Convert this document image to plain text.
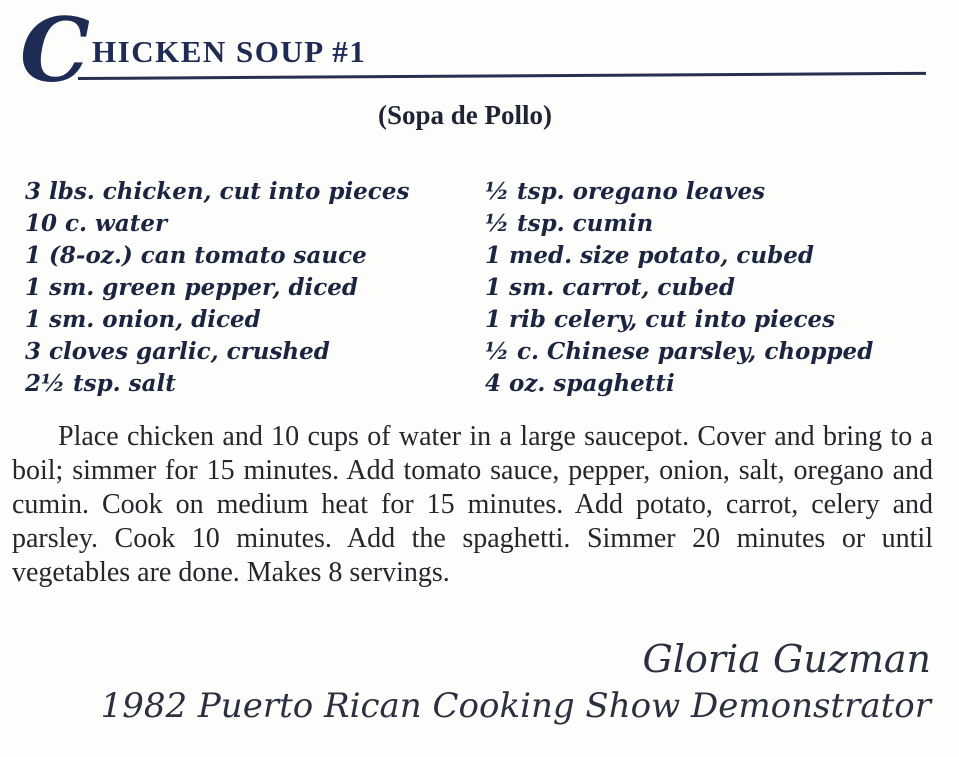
C HICKEN SOUP #1
(Sopa de Pollo)
3 lbs. chicken, cut into pieces
10 c. water
1 (8-oz.) can tomato sauce
1 sm. green pepper, diced
1 sm. onion, diced
3 cloves garlic, crushed
2½ tsp. salt
½ tsp. oregano leaves
½ tsp. cumin
1 med. size potato, cubed
1 sm. carrot, cubed
1 rib celery, cut into pieces
½ c. Chinese parsley, chopped
4 oz. spaghetti

Place chicken and 10 cups of water in a large saucepot. Cover and bring to a boil; simmer for 15 minutes. Add tomato sauce, pepper, onion, salt, oregano and cumin. Cook on medium heat for 15 minutes. Add potato, carrot, celery and parsley. Cook 10 minutes. Add the spaghetti. Simmer 20 minutes or until vegetables are done. Makes 8 servings.

Gloria Guzman
1982 Puerto Rican Cooking Show Demonstrator
